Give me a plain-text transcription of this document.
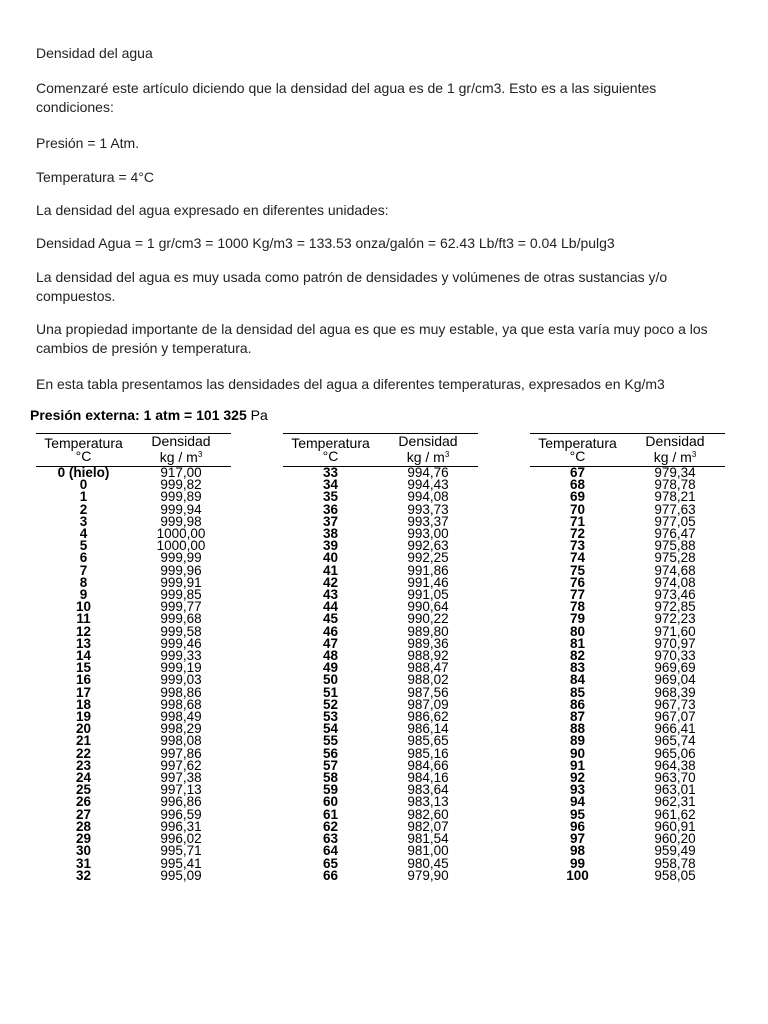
Densidad del agua

Comenzaré este artículo diciendo que la densidad del agua es de 1 gr/cm3. Esto es a las siguientes condiciones:

Presión = 1 Atm.

Temperatura = 4°C

La densidad del agua expresado en diferentes unidades:

Densidad Agua = 1 gr/cm3 = 1000 Kg/m3 = 133.53 onza/galón = 62.43 Lb/ft3 = 0.04 Lb/pulg3

La densidad del agua es muy usada como patrón de densidades y volúmenes de otras sustancias y/o compuestos.

Una propiedad importante de la densidad del agua es que es muy estable, ya que esta varía muy poco a los cambios de presión y temperatura.

En esta tabla presentamos las densidades del agua a diferentes temperaturas, expresados en Kg/m3

Presión externa: 1 atm = 101 325 Pa
Temperatura
°C	Densidad
kg / $m^3$
0 (hielo)	917,00
0	999,82
1	999,89
2	999,94
3	999,98
4	1000,00
5	1000,00
6	999,99
7	999,96
8	999,91
9	999,85
10	999,77
11	999,68
12	999,58
13	999,46
14	999,33
15	999,19
16	999,03
17	998,86
18	998,68
19	998,49
20	998,29
21	998,08
22	997,86
23	997,62
24	997,38
25	997,13
26	996,86
27	996,59
28	996,31
29	996,02
30	995,71
31	995,41
32	995,09
Temperatura
°C	Densidad
kg / $m^3$
33	994,76
34	994,43
35	994,08
36	993,73
37	993,37
38	993,00
39	992,63
40	992,25
41	991,86
42	991,46
43	991,05
44	990,64
45	990,22
46	989,80
47	989,36
48	988,92
49	988,47
50	988,02
51	987,56
52	987,09
53	986,62
54	986,14
55	985,65
56	985,16
57	984,66
58	984,16
59	983,64
60	983,13
61	982,60
62	982,07
63	981,54
64	981,00
65	980,45
66	979,90
Temperatura
°C	Densidad
kg / $m^3$
67	979,34
68	978,78
69	978,21
70	977,63
71	977,05
72	976,47
73	975,88
74	975,28
75	974,68
76	974,08
77	973,46
78	972,85
79	972,23
80	971,60
81	970,97
82	970,33
83	969,69
84	969,04
85	968,39
86	967,73
87	967,07
88	966,41
89	965,74
90	965,06
91	964,38
92	963,70
93	963,01
94	962,31
95	961,62
96	960,91
97	960,20
98	959,49
99	958,78
100	958,05
